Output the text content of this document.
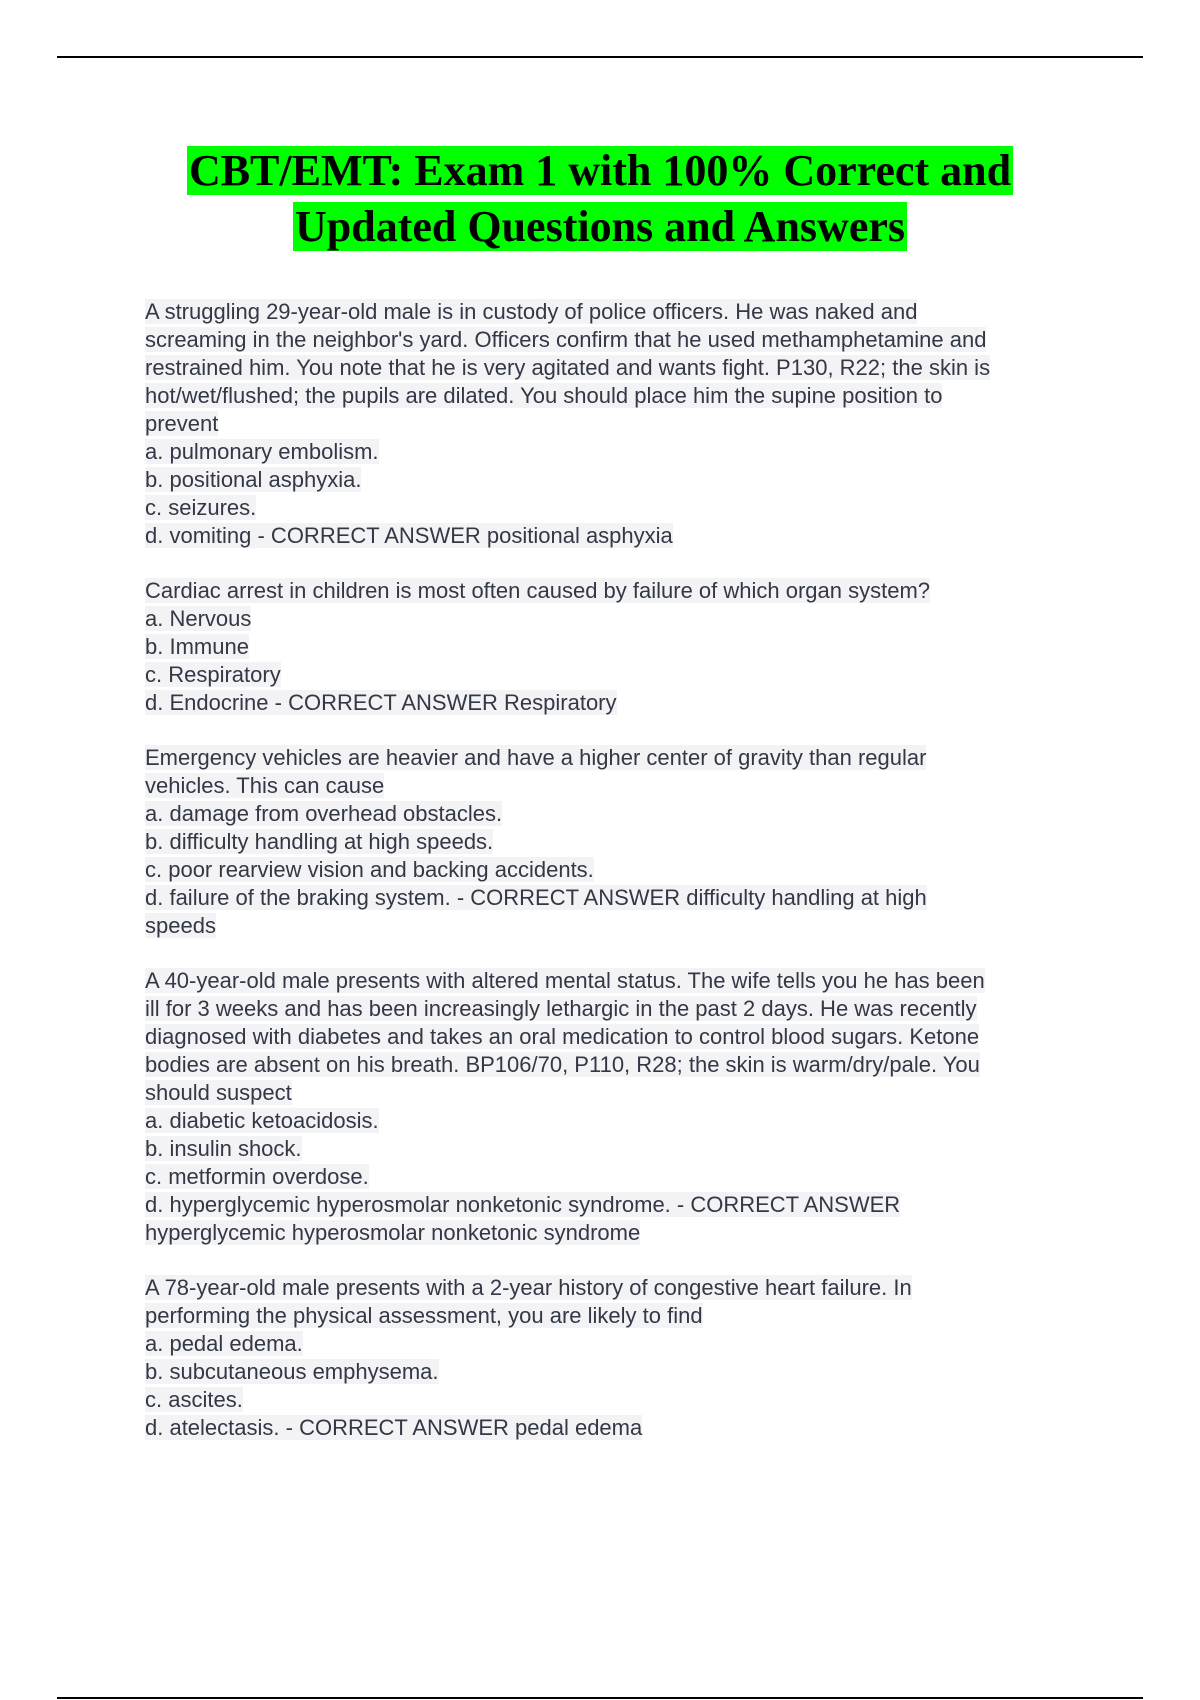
CBT/EMT: Exam 1 with 100% Correct and
Updated Questions and Answers
A struggling 29-year-old male is in custody of police officers. He was naked and
screaming in the neighbor's yard. Officers confirm that he used methamphetamine and
restrained him. You note that he is very agitated and wants fight. P130, R22; the skin is
hot/wet/flushed; the pupils are dilated. You should place him the supine position to
prevent
a. pulmonary embolism.
b. positional asphyxia.
c. seizures.
d. vomiting - CORRECT ANSWER positional asphyxia
Cardiac arrest in children is most often caused by failure of which organ system?
a. Nervous
b. Immune
c. Respiratory
d. Endocrine - CORRECT ANSWER Respiratory
Emergency vehicles are heavier and have a higher center of gravity than regular
vehicles. This can cause
a. damage from overhead obstacles.
b. difficulty handling at high speeds.
c. poor rearview vision and backing accidents.
d. failure of the braking system. - CORRECT ANSWER difficulty handling at high
speeds
A 40-year-old male presents with altered mental status. The wife tells you he has been
ill for 3 weeks and has been increasingly lethargic in the past 2 days. He was recently
diagnosed with diabetes and takes an oral medication to control blood sugars. Ketone
bodies are absent on his breath. BP106/70, P110, R28; the skin is warm/dry/pale. You
should suspect
a. diabetic ketoacidosis.
b. insulin shock.
c. metformin overdose.
d. hyperglycemic hyperosmolar nonketonic syndrome. - CORRECT ANSWER
hyperglycemic hyperosmolar nonketonic syndrome
A 78-year-old male presents with a 2-year history of congestive heart failure. In
performing the physical assessment, you are likely to find
a. pedal edema.
b. subcutaneous emphysema.
c. ascites.
d. atelectasis. - CORRECT ANSWER pedal edema
